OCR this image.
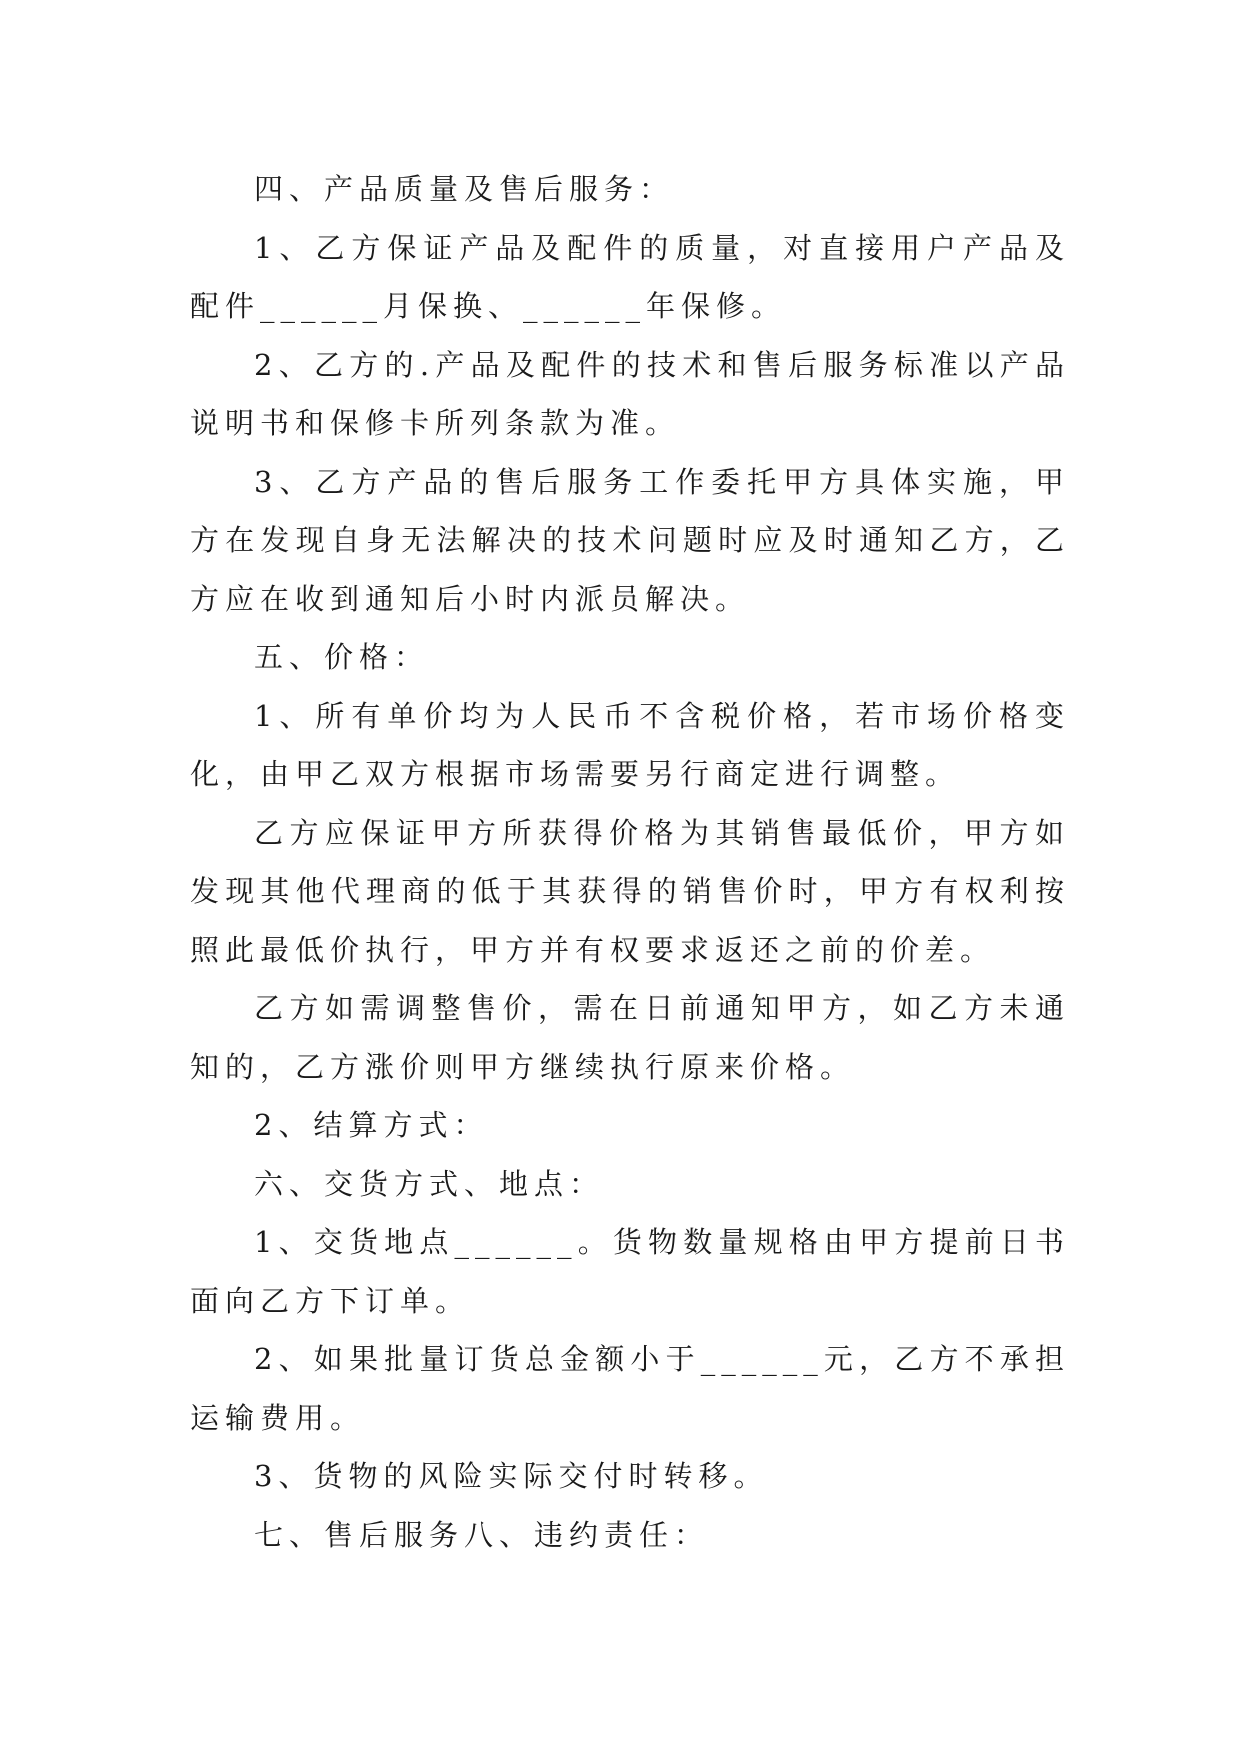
四、产品质量及售后服务：

1、乙方保证产品及配件的质量，对直接用户产品及配件______月保换、______年保修。

2、乙方的.产品及配件的技术和售后服务标准以产品说明书和保修卡所列条款为准。

3、乙方产品的售后服务工作委托甲方具体实施，甲方在发现自身无法解决的技术问题时应及时通知乙方，乙方应在收到通知后小时内派员解决。

五、价格：

1、所有单价均为人民币不含税价格，若市场价格变化，由甲乙双方根据市场需要另行商定进行调整。

乙方应保证甲方所获得价格为其销售最低价，甲方如发现其他代理商的低于其获得的销售价时，甲方有权利按照此最低价执行，甲方并有权要求返还之前的价差。

乙方如需调整售价，需在日前通知甲方，如乙方未通知的，乙方涨价则甲方继续执行原来价格。

2、结算方式：

六、交货方式、地点：

1、交货地点______。货物数量规格由甲方提前日书面向乙方下订单。

2、如果批量订货总金额小于______元，乙方不承担运输费用。

3、货物的风险实际交付时转移。

七、售后服务八、违约责任：
